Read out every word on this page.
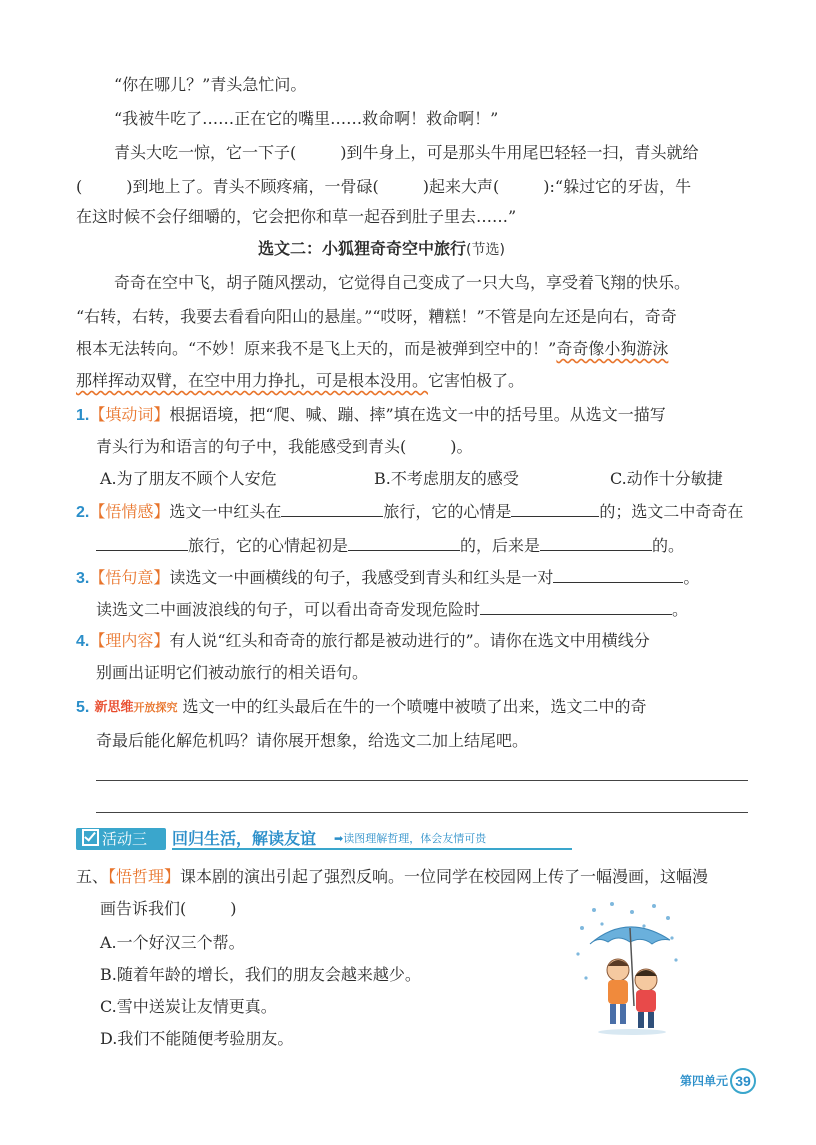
“你在哪儿？”青头急忙问。
“我被牛吃了……正在它的嘴里……救命啊！救命啊！”
青头大吃一惊，它一下子(	)到牛身上，可是那头牛用尾巴轻轻一扫，青头就给
(	)到地上了。青头不顾疼痛，一骨碌(	)起来大声(	):“躲过它的牙齿，牛
在这时候不会仔细嚼的，它会把你和草一起吞到肚子里去……”
选文二：小狐狸奇奇空中旅行(节选)
奇奇在空中飞，胡子随风摆动，它觉得自己变成了一只大鸟，享受着飞翔的快乐。
“右转，右转，我要去看看向阳山的悬崖。”“哎呀，糟糕！”不管是向左还是向右，奇奇
根本无法转向。“不妙！原来我不是飞上天的，而是被弹到空中的！”奇奇像小狗游泳
那样挥动双臂，在空中用力挣扎，可是根本没用。它害怕极了。
1.【填动词】根据语境，把“爬、喊、蹦、摔”填在选文一中的括号里。从选文一描写
青头行为和语言的句子中，我能感受到青头(	)。
A.为了朋友不顾个人安危	B.不考虑朋友的感受	C.动作十分敏捷
2.【悟情感】选文一中红头在	旅行，它的心情是	的；选文二中奇奇在
旅行，它的心情起初是	的，后来是	的。
3.【悟句意】读选文一中画横线的句子，我感受到青头和红头是一对	。
读选文二中画波浪线的句子，可以看出奇奇发现危险时	。
4.【理内容】有人说“红头和奇奇的旅行都是被动进行的”。请你在选文中用横线分
别画出证明它们被动旅行的相关语句。
5. 新思维开放探究 选文一中的红头最后在牛的一个喷嚏中被喷了出来，选文二中的奇
奇最后能化解危机吗？请你展开想象，给选文二加上结尾吧。
活动三	回归生活，解读友谊 ➡读图理解哲理，体会友情可贵
五、【悟哲理】课本剧的演出引起了强烈反响。一位同学在校园网上传了一幅漫画，这幅漫
画告诉我们(	)
A.一个好汉三个帮。
B.随着年龄的增长，我们的朋友会越来越少。
C.雪中送炭让友情更真。
D.我们不能随便考验朋友。
第四单元 39
